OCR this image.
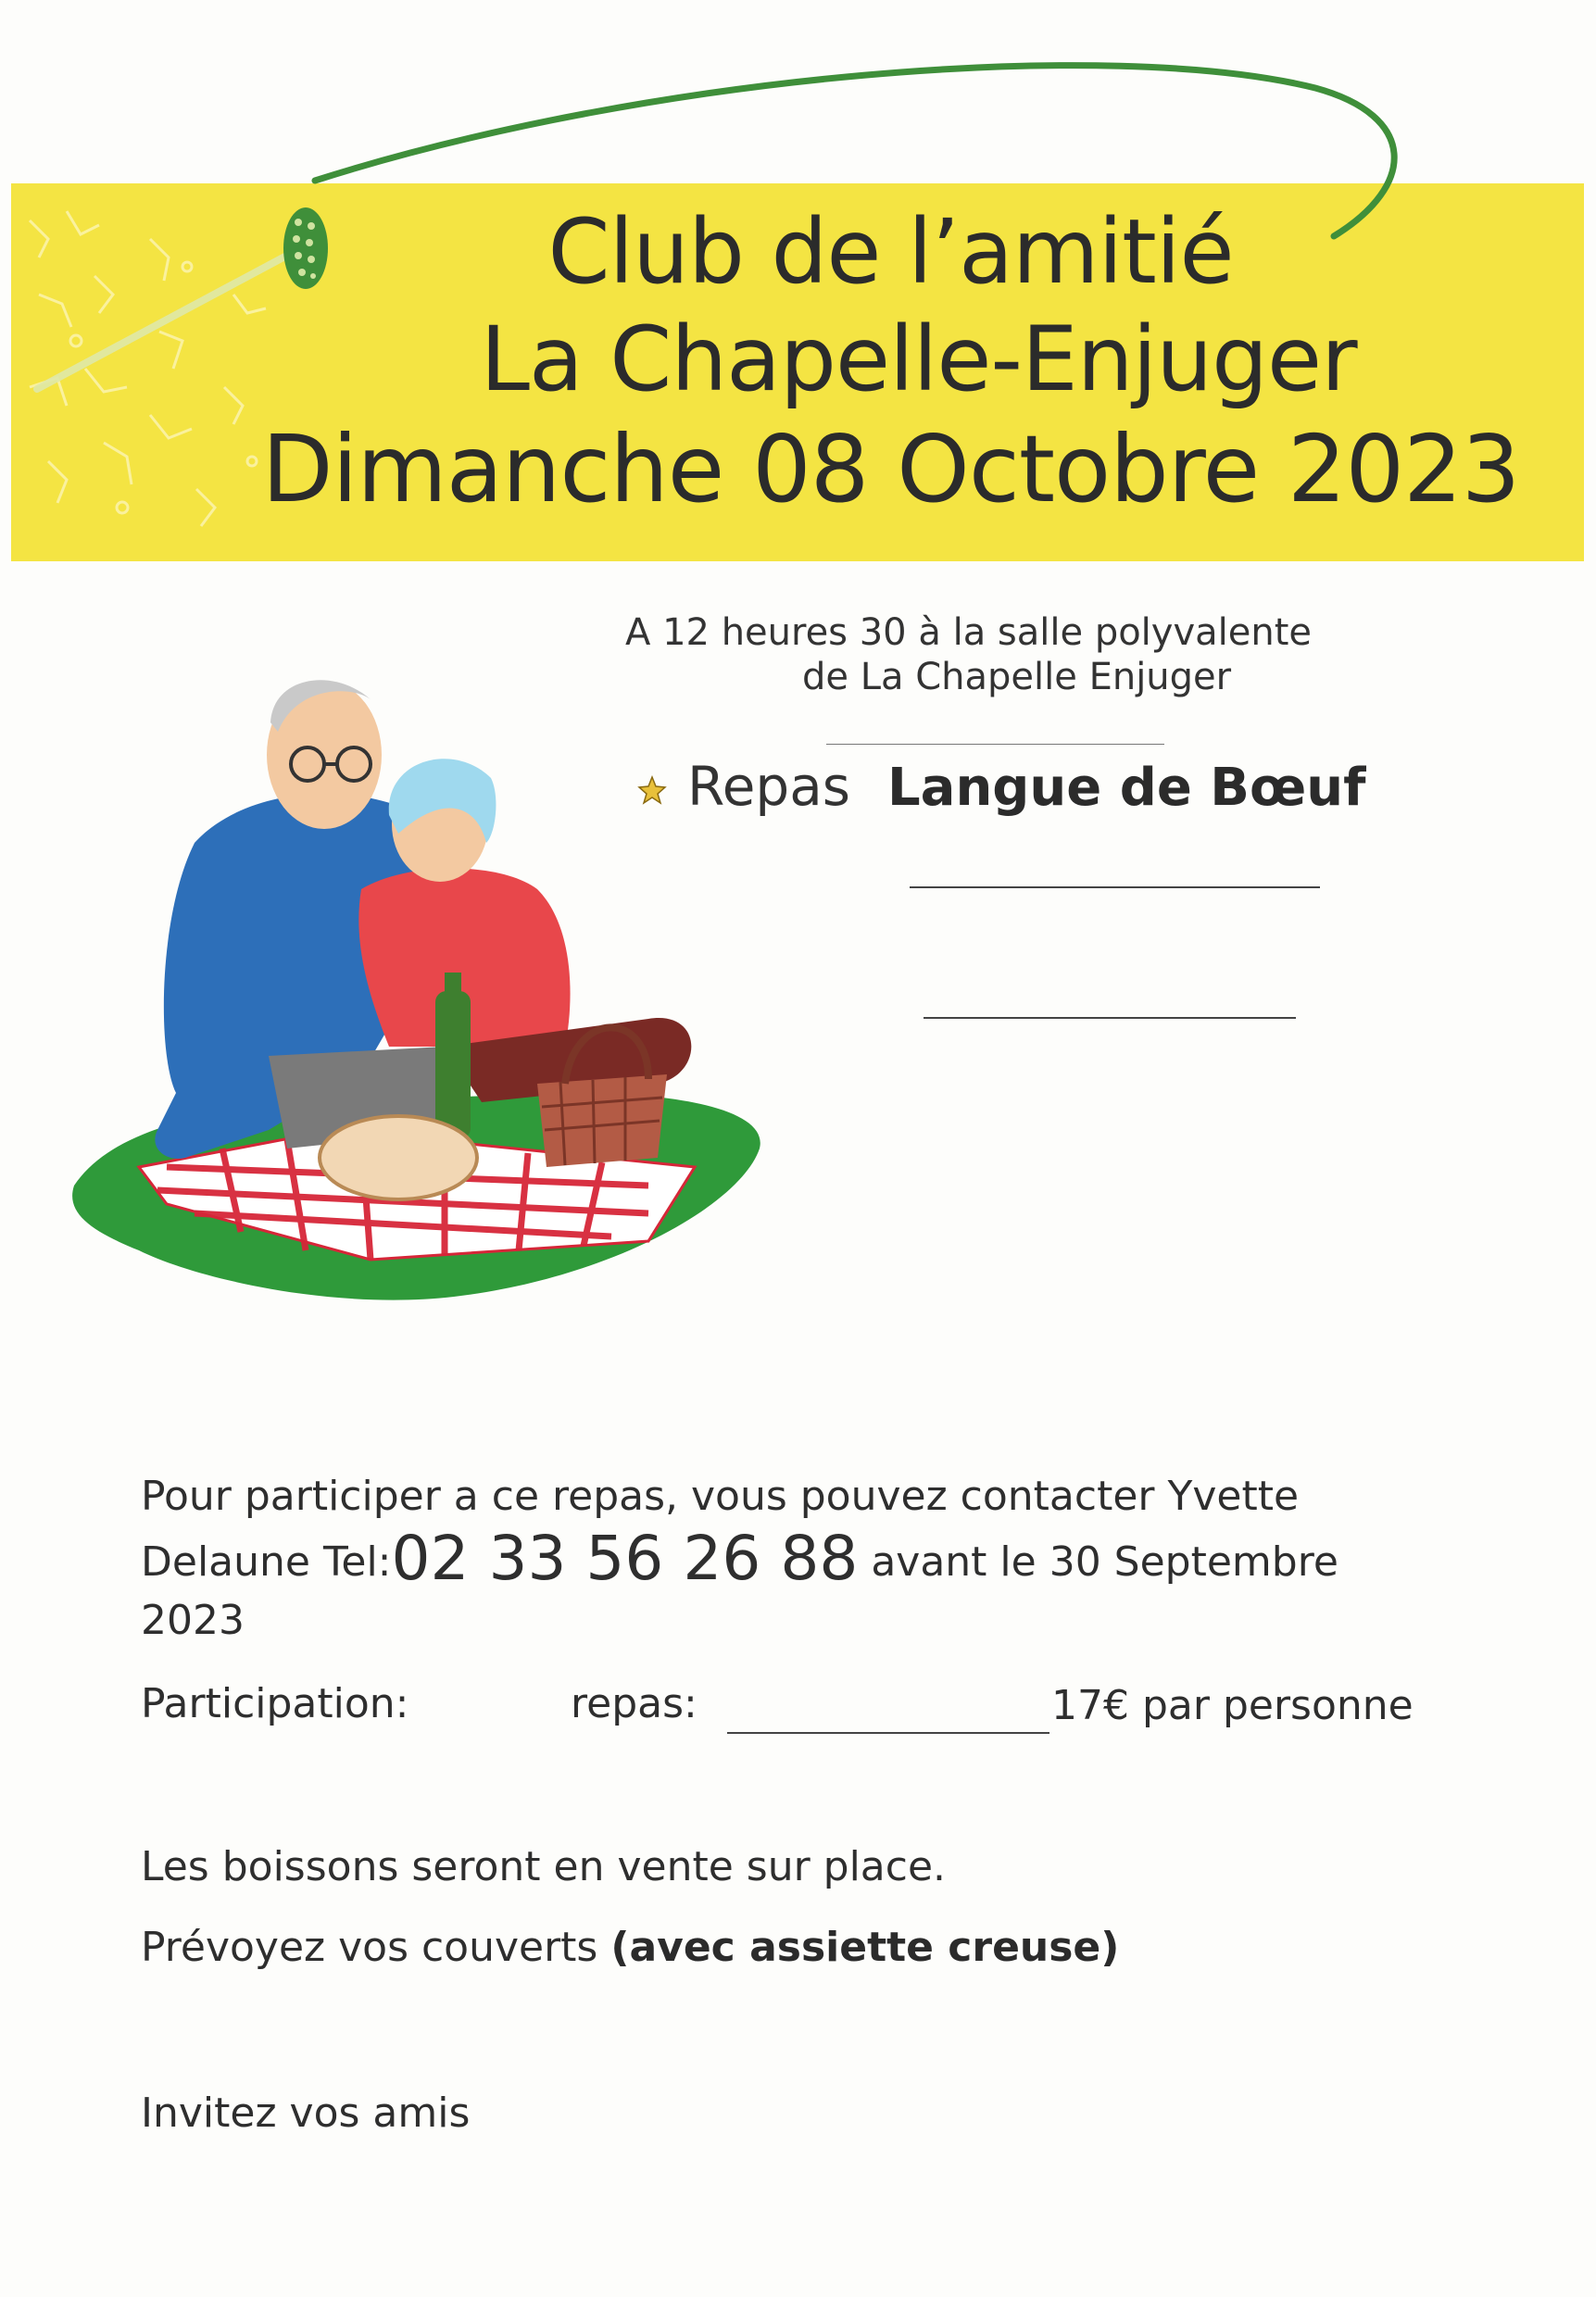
Club de l’amitié
La Chapelle-Enjuger
Dimanche 08 Octobre 2023
A 12 heures 30 à la salle polyvalente
de La Chapelle Enjuger
Repas Langue de Bœuf
Pour participer a ce repas, vous pouvez contacter Yvette
Delaune Tel:02 33 56 26 88 avant le 30 Septembre
2023
Participation:	repas:	17€ par personne
Les boissons seront en vente sur place.
Prévoyez vos couverts (avec assiette creuse)
Invitez vos amis
